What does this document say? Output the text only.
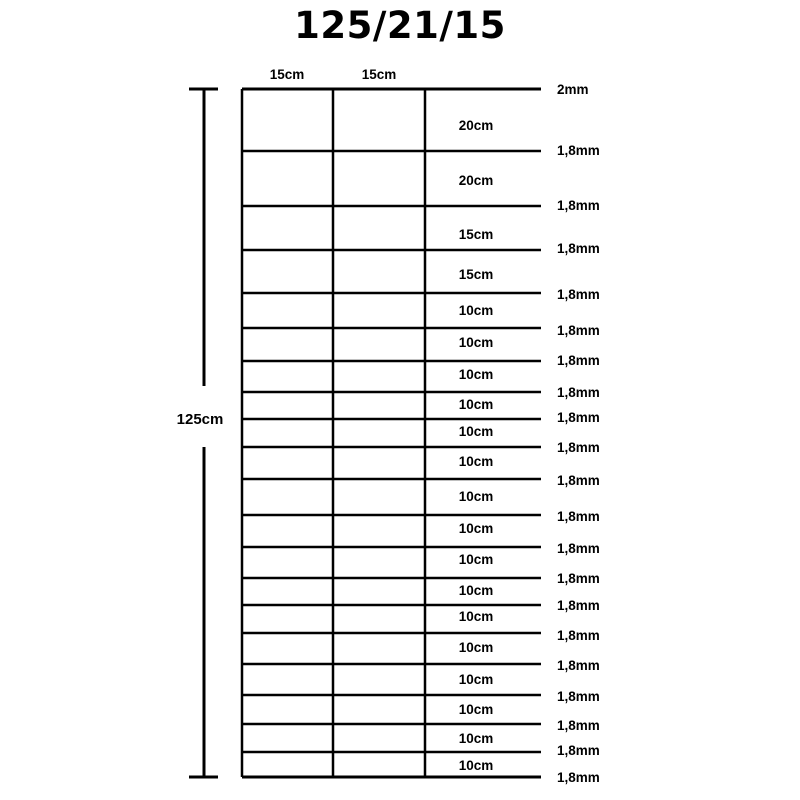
125/21/15
125cm
15cm	15cm
20cm
20cm
15cm
15cm
10cm
10cm
10cm
10cm
10cm
10cm
10cm
10cm
10cm
10cm
10cm
10cm
10cm
10cm
10cm
10cm
2mm
1,8mm
1,8mm
1,8mm
1,8mm
1,8mm
1,8mm
1,8mm
1,8mm
1,8mm
1,8mm
1,8mm
1,8mm
1,8mm
1,8mm
1,8mm
1,8mm
1,8mm
1,8mm
1,8mm
1,8mm
